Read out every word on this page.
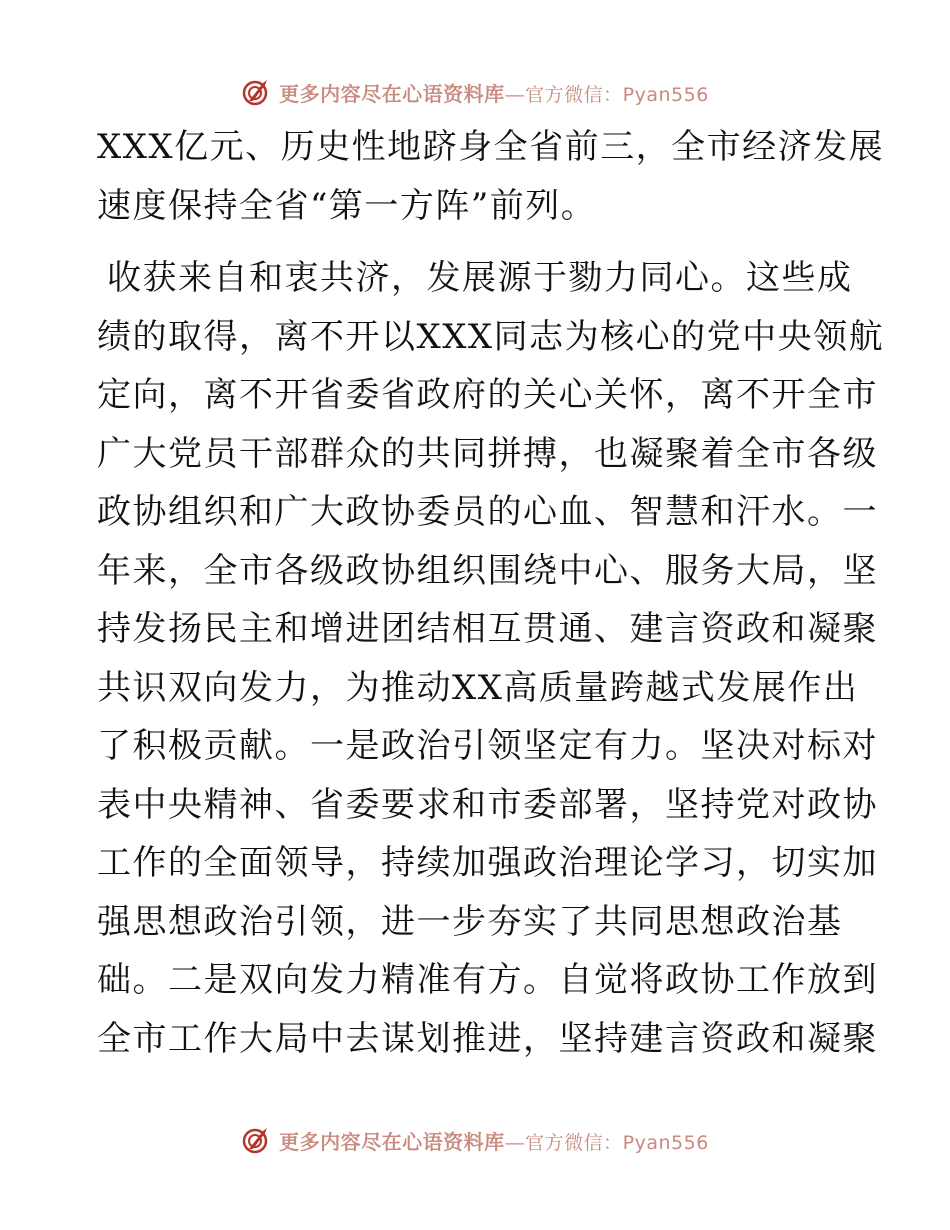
更多内容尽在心语资料库 — 官方微信：Pyan556

XXX亿元、历史性地跻身全省前三，全市经济发展
速度保持全省“第一方阵”前列。

收获来自和衷共济，发展源于勠力同心。这些成
绩的取得，离不开以XXX同志为核心的党中央领航
定向，离不开省委省政府的关心关怀，离不开全市
广大党员干部群众的共同拼搏，也凝聚着全市各级
政协组织和广大政协委员的心血、智慧和汗水。一
年来，全市各级政协组织围绕中心、服务大局，坚
持发扬民主和增进团结相互贯通、建言资政和凝聚
共识双向发力，为推动XX高质量跨越式发展作出
了积极贡献。一是政治引领坚定有力。坚决对标对
表中央精神、省委要求和市委部署，坚持党对政协
工作的全面领导，持续加强政治理论学习，切实加
强思想政治引领，进一步夯实了共同思想政治基
础。二是双向发力精准有方。自觉将政协工作放到
全市工作大局中去谋划推进，坚持建言资政和凝聚

更多内容尽在心语资料库 — 官方微信：Pyan556
